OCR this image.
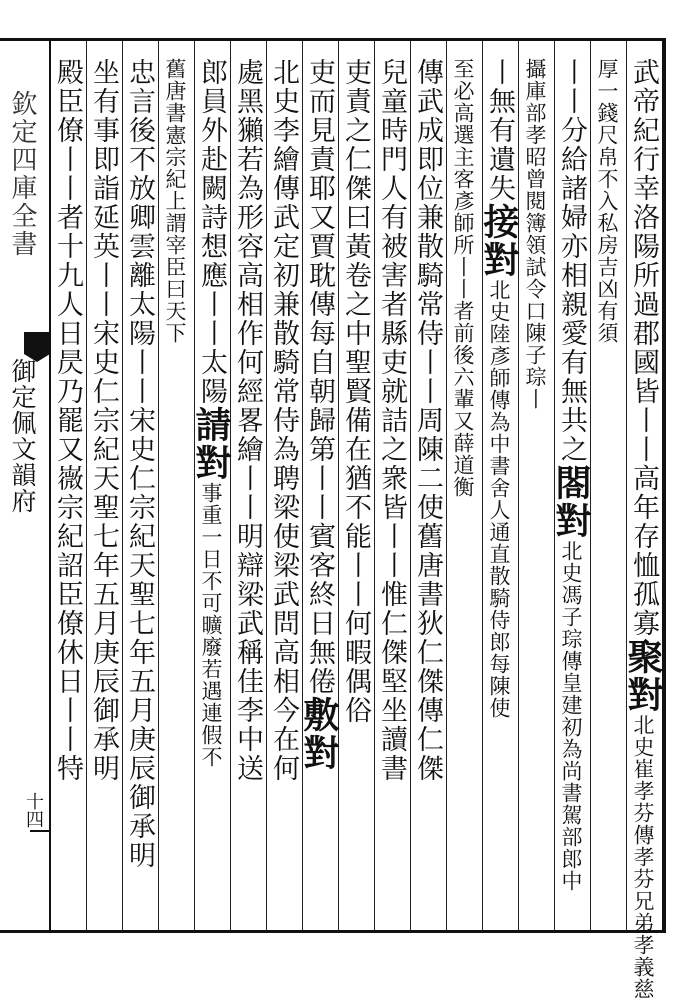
欽定四庫全書
御定佩文韻府
十四
武帝紀行幸洛陽所過郡國皆丨丨高年存恤孤寡聚對北史崔孝芬傳孝芬兄弟孝義慈
厚一錢尺帛不入私房吉凶有須
丨丨分給諸婦亦相親愛有無共之閤對北史馮子琮傳皇建初為尚書駕部郎中
攝庫部孝昭曾閱簿領試令口陳子琮丨
丨無有遺失接對北史陸彥師傳為中書舍人通直散騎侍郎每陳使
至必高選主客彥師所丨丨者前後六輩又薛道衡
傳武成即位兼散騎常侍丨丨周陳二使舊唐書狄仁傑傳仁傑
兒童時門人有被害者縣吏就詰之衆皆丨丨惟仁傑堅坐讀書
吏責之仁傑曰黃卷之中聖賢備在猶不能丨丨何暇偶俗
吏而見責耶又賈耽傳每自朝歸第丨丨賓客終日無倦敷對
北史李繪傳武定初兼散騎常侍為聘梁使梁武問高相今在何
處黑獺若為形容高相作何經畧繪丨丨明辯梁武稱佳李中送
郎員外赴闕詩想應丨丨太陽請對事重一日不可曠廢若遇連假不
舊唐書憲宗紀上謂宰臣曰天下
忠言後不放卿雲離太陽丨丨宋史仁宗紀天聖七年五月庚辰御承明
坐有事即詣延英丨丨宋史仁宗紀天聖七年五月庚辰御承明
殿臣僚丨丨者十九人日昃乃罷又嶶宗紀詔臣僚休日丨丨特
